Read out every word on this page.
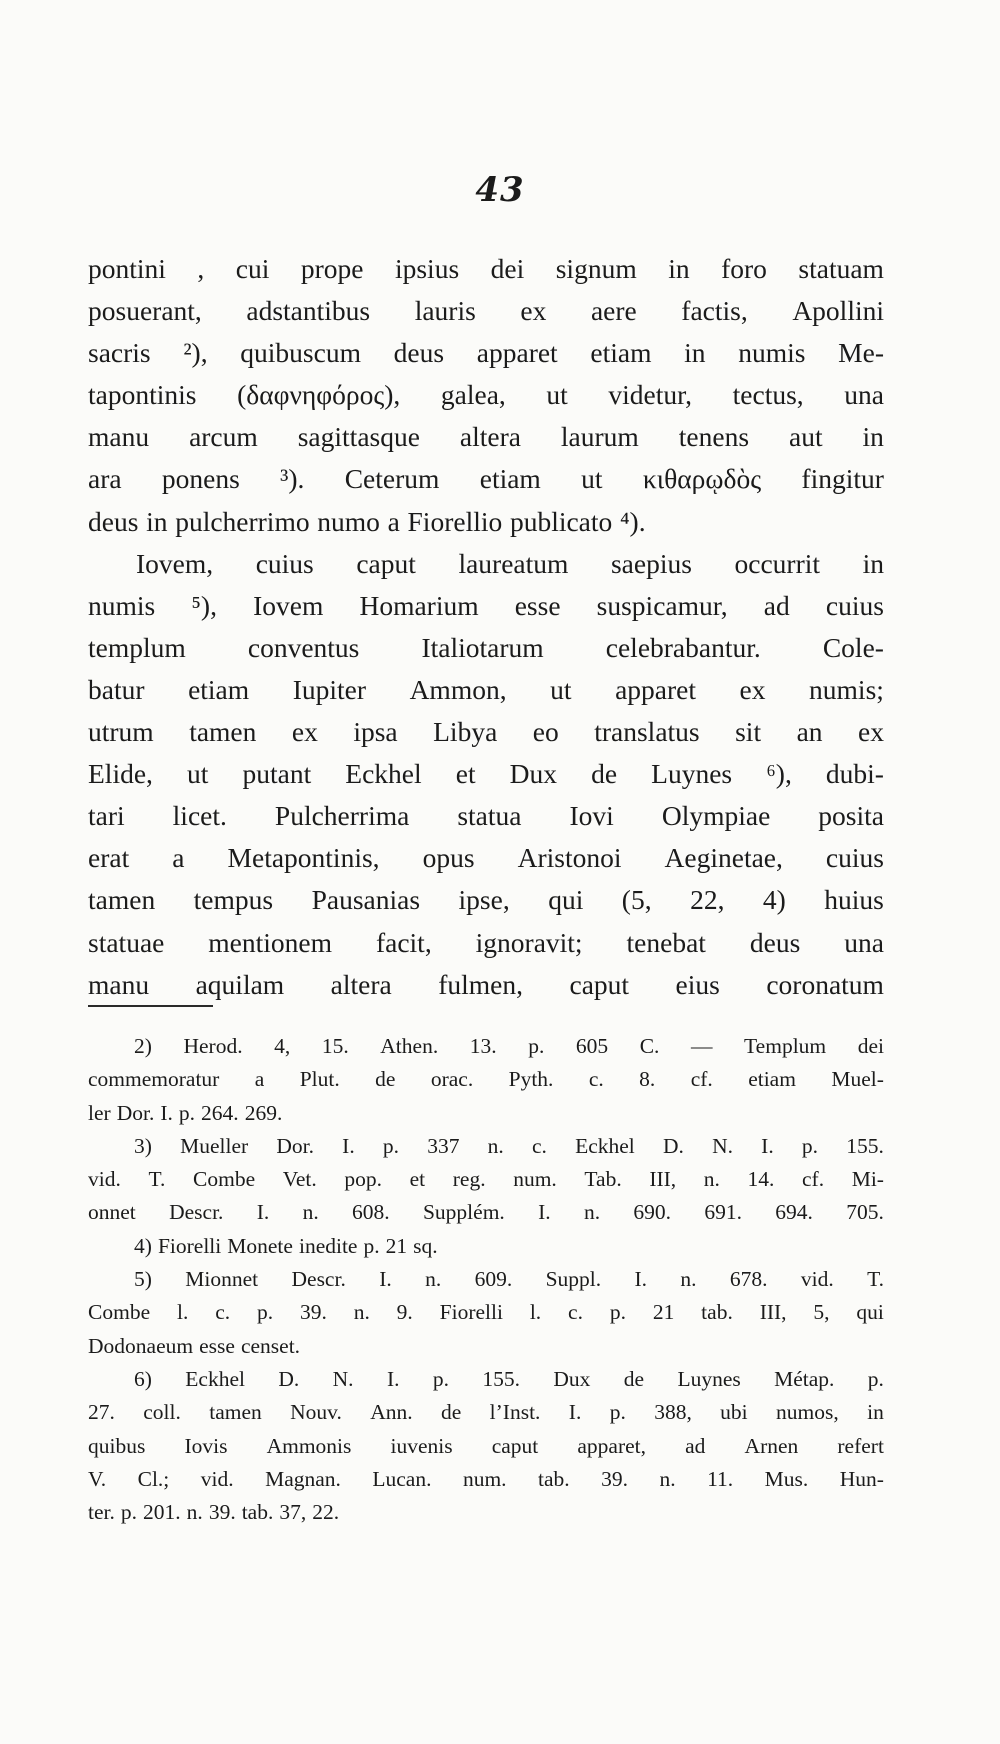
43
pontini , cui prope ipsius dei signum in foro statuam
posuerant, adstantibus lauris ex aere factis, Apollini
sacris ²), quibuscum deus apparet etiam in numis Me-
tapontinis (δαφνηφόρος), galea, ut videtur, tectus, una
manu arcum sagittasque altera laurum tenens aut in
ara ponens ³). Ceterum etiam ut κιθαρῳδὸς fingitur
deus in pulcherrimo numo a Fiorellio publicato ⁴).
Iovem, cuius caput laureatum saepius occurrit in
numis ⁵), Iovem Homarium esse suspicamur, ad cuius
templum conventus Italiotarum celebrabantur. Cole-
batur etiam Iupiter Ammon, ut apparet ex numis;
utrum tamen ex ipsa Libya eo translatus sit an ex
Elide, ut putant Eckhel et Dux de Luynes ⁶), dubi-
tari licet. Pulcherrima statua Iovi Olympiae posita
erat a Metapontinis, opus Aristonoi Aeginetae, cuius
tamen tempus Pausanias ipse, qui (5, 22, 4) huius
statuae mentionem facit, ignoravit; tenebat deus una
manu aquilam altera fulmen, caput eius coronatum
2) Herod. 4, 15. Athen. 13. p. 605 C. — Templum dei
commemoratur a Plut. de orac. Pyth. c. 8. cf. etiam Muel-
ler Dor. I. p. 264. 269.
3) Mueller Dor. I. p. 337 n. c. Eckhel D. N. I. p. 155.
vid. T. Combe Vet. pop. et reg. num. Tab. III, n. 14. cf. Mi-
onnet Descr. I. n. 608. Supplém. I. n. 690. 691. 694. 705.
4) Fiorelli Monete inedite p. 21 sq.
5) Mionnet Descr. I. n. 609. Suppl. I. n. 678. vid. T.
Combe l. c. p. 39. n. 9. Fiorelli l. c. p. 21 tab. III, 5, qui
Dodonaeum esse censet.
6) Eckhel D. N. I. p. 155. Dux de Luynes Métap. p.
27. coll. tamen Nouv. Ann. de l’Inst. I. p. 388, ubi numos, in
quibus Iovis Ammonis iuvenis caput apparet, ad Arnen refert
V. Cl.; vid. Magnan. Lucan. num. tab. 39. n. 11. Mus. Hun-
ter. p. 201. n. 39. tab. 37, 22.
